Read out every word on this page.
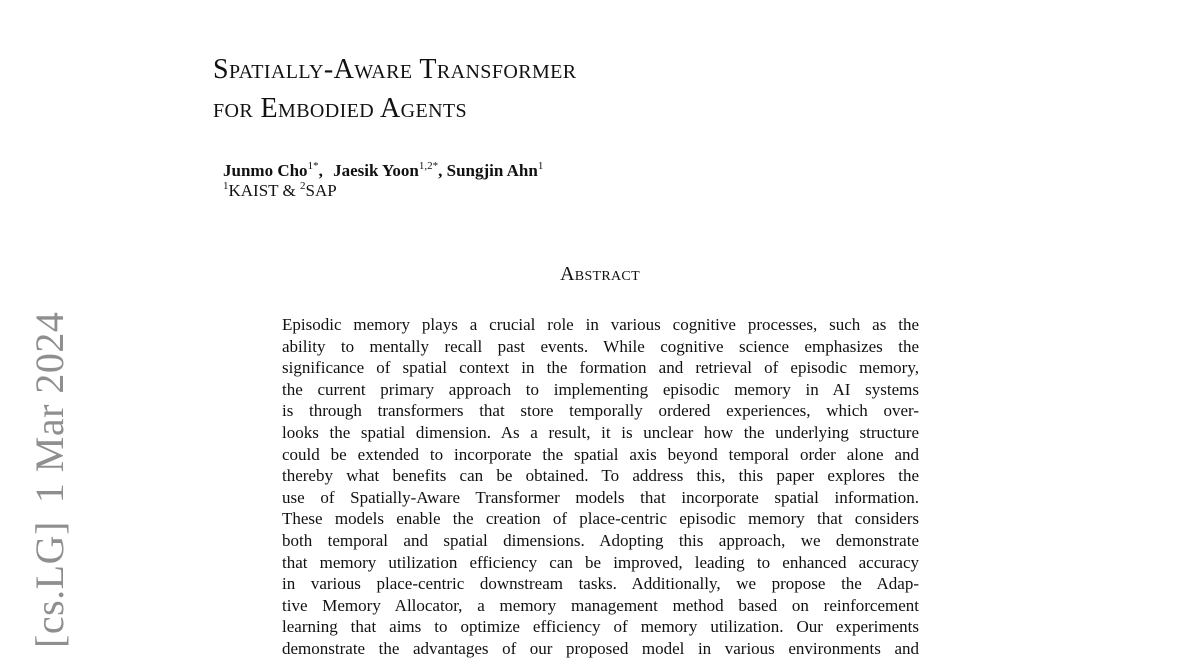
[cs.LG]1 Mar 2024
Spatially-Aware Transformer
for Embodied Agents
Junmo Cho$^{1*}$, Jaesik Yoon$^{1,2*}$, Sungjin Ahn$^1$
$^1$KAIST & $^2$SAP
Abstract
Episodic memory plays a crucial role in various cognitive processes, such as the
ability to mentally recall past events. While cognitive science emphasizes the
significance of spatial context in the formation and retrieval of episodic memory,
the current primary approach to implementing episodic memory in AI systems
is through transformers that store temporally ordered experiences, which over-
looks the spatial dimension. As a result, it is unclear how the underlying structure
could be extended to incorporate the spatial axis beyond temporal order alone and
thereby what benefits can be obtained. To address this, this paper explores the
use of Spatially-Aware Transformer models that incorporate spatial information.
These models enable the creation of place-centric episodic memory that considers
both temporal and spatial dimensions. Adopting this approach, we demonstrate
that memory utilization efficiency can be improved, leading to enhanced accuracy
in various place-centric downstream tasks. Additionally, we propose the Adap-
tive Memory Allocator, a memory management method based on reinforcement
learning that aims to optimize efficiency of memory utilization. Our experiments
demonstrate the advantages of our proposed model in various environments and
